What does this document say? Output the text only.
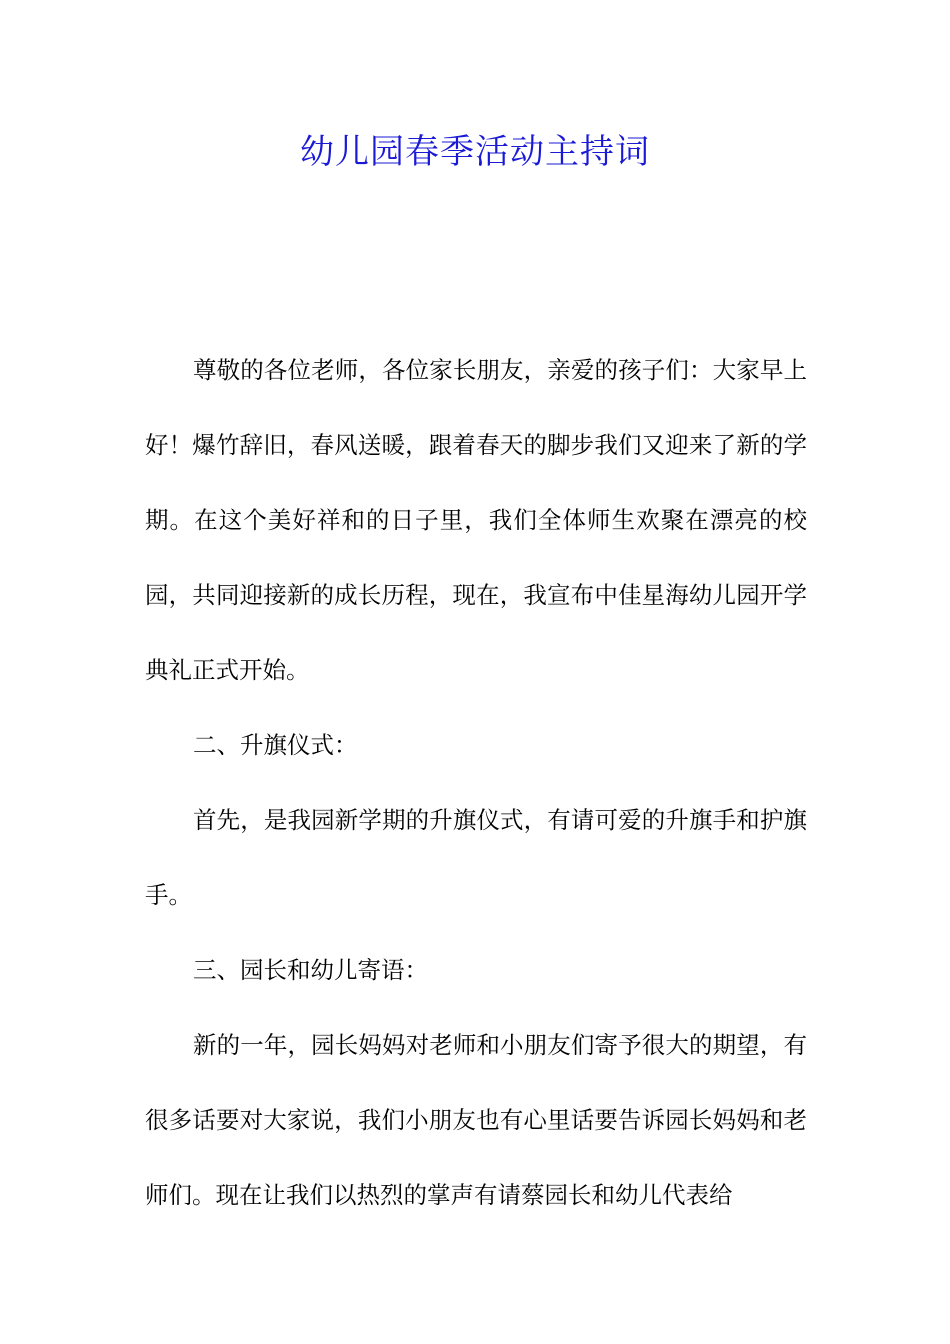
幼儿园春季活动主持词

尊敬的各位老师，各位家长朋友，亲爱的孩子们：大家早上好！爆竹辞旧，春风送暖，跟着春天的脚步我们又迎来了新的学期。在这个美好祥和的日子里，我们全体师生欢聚在漂亮的校园，共同迎接新的成长历程，现在，我宣布中佳星海幼儿园开学典礼正式开始。

二、升旗仪式：

首先，是我园新学期的升旗仪式，有请可爱的升旗手和护旗手。

三、园长和幼儿寄语：

新的一年，园长妈妈对老师和小朋友们寄予很大的期望，有很多话要对大家说，我们小朋友也有心里话要告诉园长妈妈和老师们。现在让我们以热烈的掌声有请蔡园长和幼儿代表给
